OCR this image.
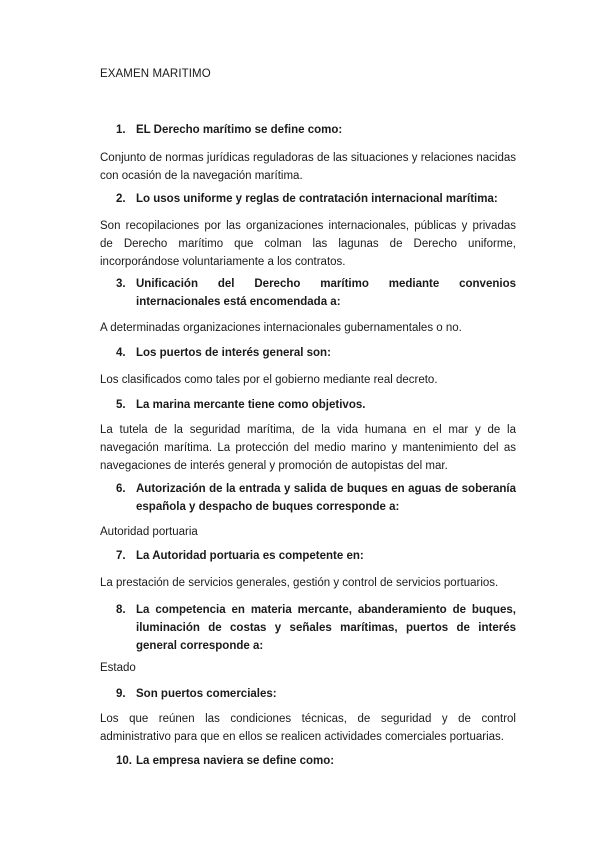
EXAMEN MARITIMO
1. EL Derecho marítimo se define como:
Conjunto de normas jurídicas reguladoras de las situaciones y relaciones nacidas con ocasión de la navegación marítima.
2. Lo usos uniforme y reglas de contratación internacional marítima:
Son recopilaciones por las organizaciones internacionales, públicas y privadas de Derecho marítimo que colman las lagunas de Derecho uniforme, incorporándose voluntariamente a los contratos.
3. Unificación del Derecho marítimo mediante convenios internacionales está encomendada a:
A determinadas organizaciones internacionales gubernamentales o no.
4. Los puertos de interés general son:
Los clasificados como tales por el gobierno mediante real decreto.
5. La marina mercante tiene como objetivos.
La tutela de la seguridad marítima, de la vida humana en el mar y de la navegación marítima. La protección del medio marino y mantenimiento del as navegaciones de interés general y promoción de autopistas del mar.
6. Autorización de la entrada y salida de buques en aguas de soberanía española y despacho de buques corresponde a:
Autoridad portuaria
7. La Autoridad portuaria es competente en:
La prestación de servicios generales, gestión y control de servicios portuarios.
8. La competencia en materia mercante, abanderamiento de buques, iluminación de costas y señales marítimas, puertos de interés general corresponde a:
Estado
9. Son puertos comerciales:
Los que reúnen las condiciones técnicas, de seguridad y de control administrativo para que en ellos se realicen actividades comerciales portuarias.
10. La empresa naviera se define como:
